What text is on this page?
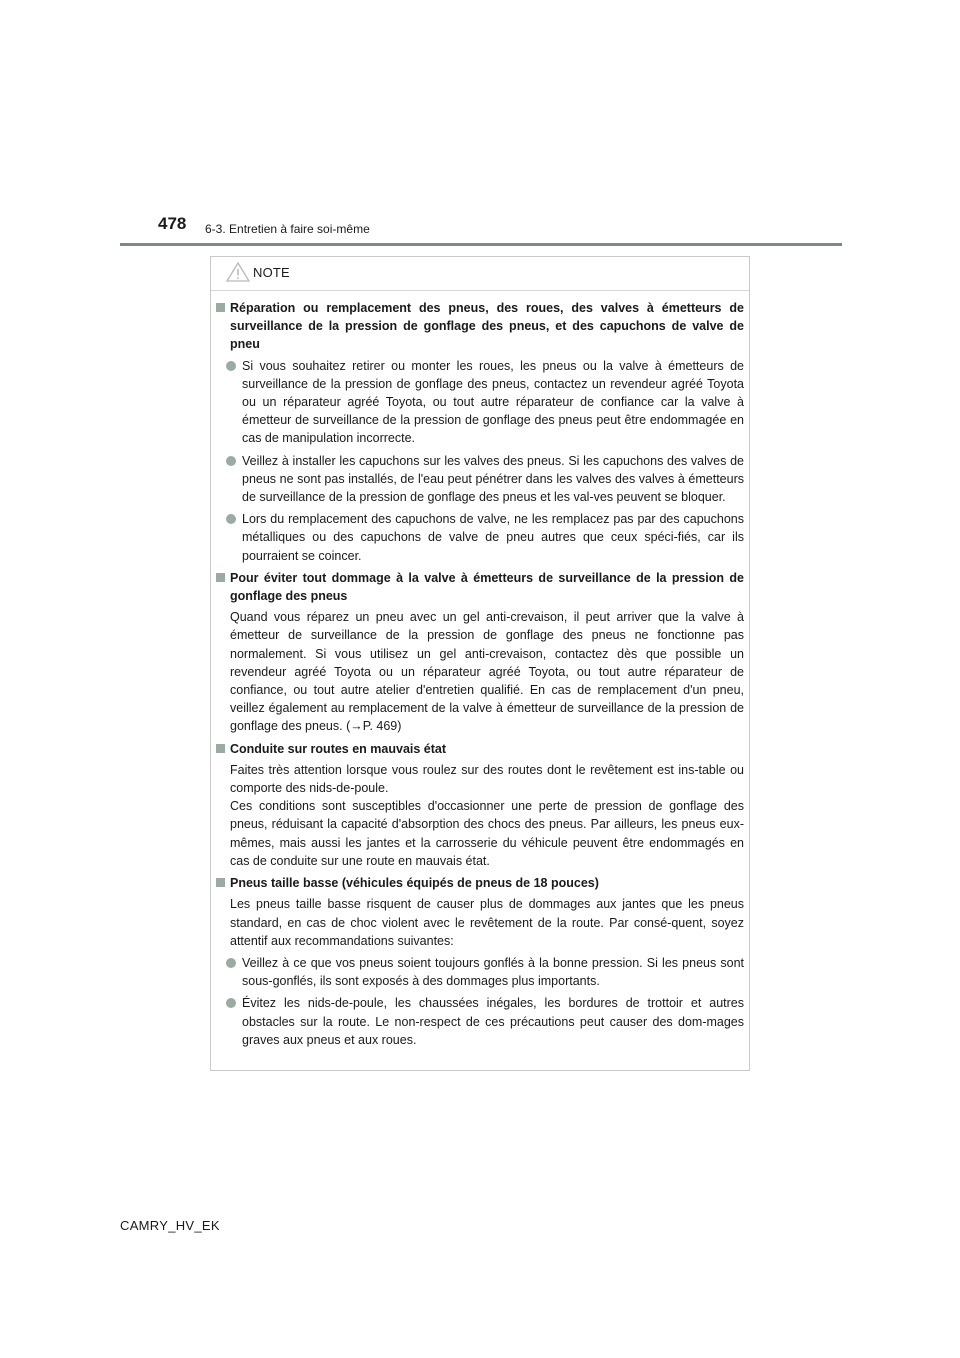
478 6-3. Entretien à faire soi-même
NOTE
Réparation ou remplacement des pneus, des roues, des valves à émetteurs de surveillance de la pression de gonflage des pneus, et des capuchons de valve de pneu
Si vous souhaitez retirer ou monter les roues, les pneus ou la valve à émetteurs de surveillance de la pression de gonflage des pneus, contactez un revendeur agréé Toyota ou un réparateur agréé Toyota, ou tout autre réparateur de confiance car la valve à émetteur de surveillance de la pression de gonflage des pneus peut être endommagée en cas de manipulation incorrecte.
Veillez à installer les capuchons sur les valves des pneus. Si les capuchons des valves de pneus ne sont pas installés, de l'eau peut pénétrer dans les valves des valves à émetteurs de surveillance de la pression de gonflage des pneus et les val-ves peuvent se bloquer.
Lors du remplacement des capuchons de valve, ne les remplacez pas par des capuchons métalliques ou des capuchons de valve de pneu autres que ceux spéci-fiés, car ils pourraient se coincer.
Pour éviter tout dommage à la valve à émetteurs de surveillance de la pression de gonflage des pneus
Quand vous réparez un pneu avec un gel anti-crevaison, il peut arriver que la valve à émetteur de surveillance de la pression de gonflage des pneus ne fonctionne pas normalement. Si vous utilisez un gel anti-crevaison, contactez dès que possible un revendeur agréé Toyota ou un réparateur agréé Toyota, ou tout autre réparateur de confiance, ou tout autre atelier d'entretien qualifié. En cas de remplacement d'un pneu, veillez également au remplacement de la valve à émetteur de surveillance de la pression de gonflage des pneus. (→P. 469)
Conduite sur routes en mauvais état
Faites très attention lorsque vous roulez sur des routes dont le revêtement est ins-table ou comporte des nids-de-poule.
Ces conditions sont susceptibles d'occasionner une perte de pression de gonflage des pneus, réduisant la capacité d'absorption des chocs des pneus. Par ailleurs, les pneus eux-mêmes, mais aussi les jantes et la carrosserie du véhicule peuvent être endommagés en cas de conduite sur une route en mauvais état.
Pneus taille basse (véhicules équipés de pneus de 18 pouces)
Les pneus taille basse risquent de causer plus de dommages aux jantes que les pneus standard, en cas de choc violent avec le revêtement de la route. Par consé-quent, soyez attentif aux recommandations suivantes:
Veillez à ce que vos pneus soient toujours gonflés à la bonne pression. Si les pneus sont sous-gonflés, ils sont exposés à des dommages plus importants.
Évitez les nids-de-poule, les chaussées inégales, les bordures de trottoir et autres obstacles sur la route. Le non-respect de ces précautions peut causer des dom-mages graves aux pneus et aux roues.
CAMRY_HV_EK
